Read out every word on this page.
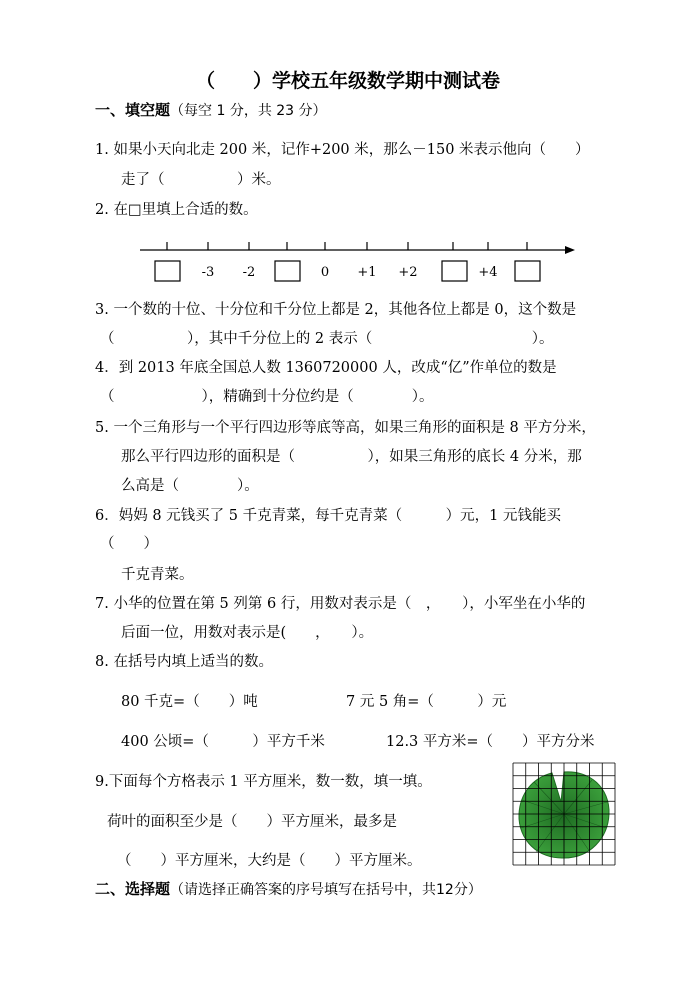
（　　）学校五年级数学期中测试卷
一、填空题（每空 1 分，共 23 分）
1. 如果小天向北走 200 米，记作+200 米，那么－150 米表示他向（　　）
走了（　　　　　）米。
2. 在□里填上合适的数。
-3 -2	0 +1 +2	+4
3. 一个数的十位、十分位和千分位上都是 2，其他各位上都是 0，这个数是
（　　　　　），其中千分位上的 2 表示（　　　　　　　　　　　）。
4．到 2013 年底全国总人数 1360720000 人，改成“亿”作单位的数是
（　　　　　　），精确到十分位约是（　　　　）。
5. 一个三角形与一个平行四边形等底等高，如果三角形的面积是 8 平方分米，
那么平行四边形的面积是（　　　　　），如果三角形的底长 4 分米，那
么高是（　　　　）。
6．妈妈 8 元钱买了 5 千克青菜，每千克青菜（　　　）元，1 元钱能买
（　　）
千克青菜。
7. 小华的位置在第 5 列第 6 行，用数对表示是（　，　　），小军坐在小华的
后面一位，用数对表示是(　　，　　）。
8. 在括号内填上适当的数。
80 千克=（　　）吨	7 元 5 角=（　　　）元
400 公顷=（　　　）平方千米	12.3 平方米=（　　）平方分米
9.下面每个方格表示 1 平方厘米，数一数，填一填。
荷叶的面积至少是（　　）平方厘米，最多是
（　　）平方厘米，大约是（　　）平方厘米。
二、选择题（请选择正确答案的序号填写在括号中，共12分）
